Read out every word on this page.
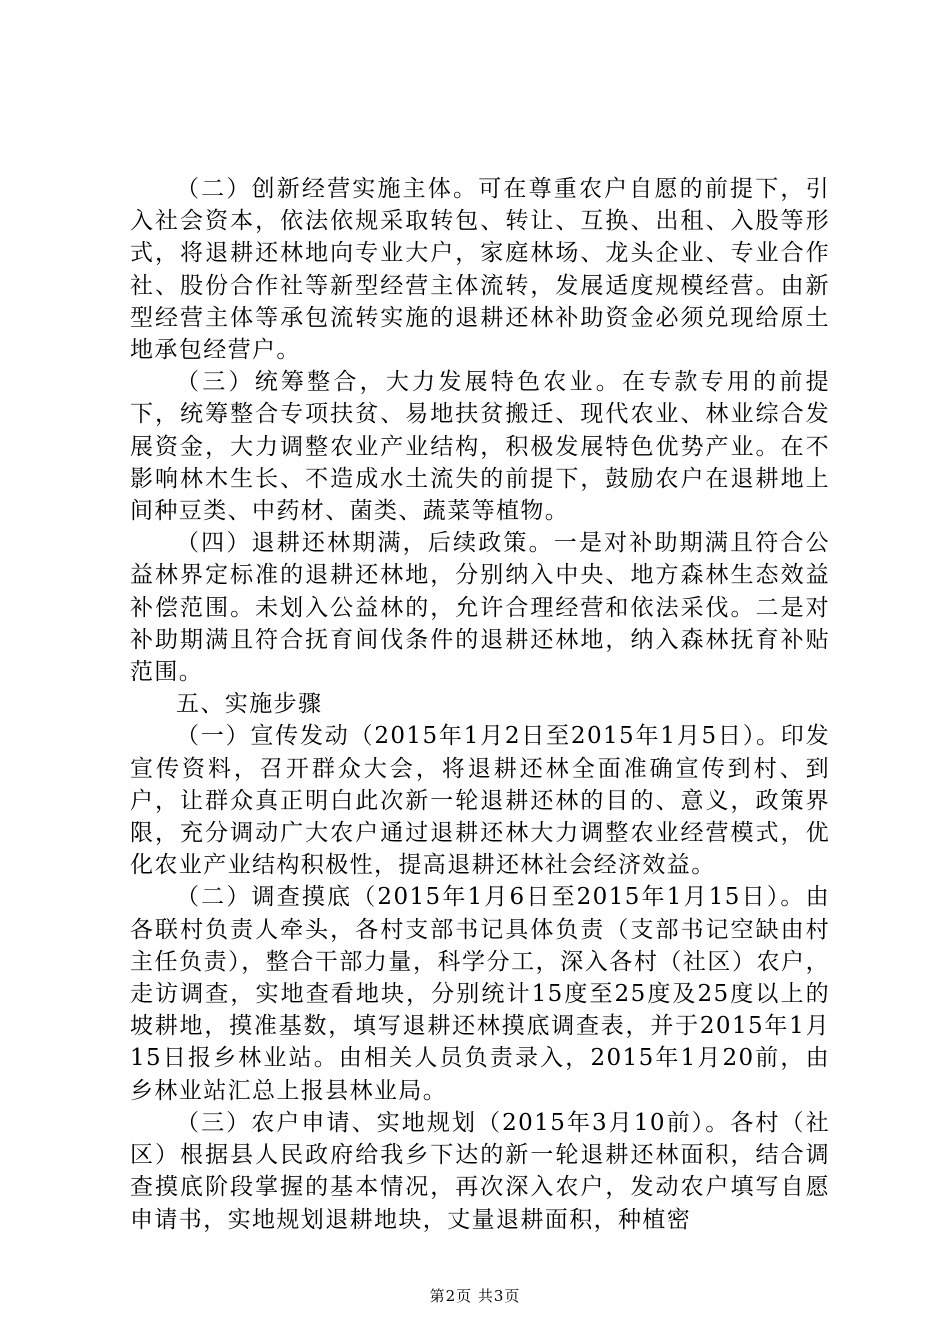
（二）创新经营实施主体。可在尊重农户自愿的前提下，引入社会资本，依法依规采取转包、转让、互换、出租、入股等形式，将退耕还林地向专业大户，家庭林场、龙头企业、专业合作社、股份合作社等新型经营主体流转，发展适度规模经营。由新型经营主体等承包流转实施的退耕还林补助资金必须兑现给原土地承包经营户。

（三）统筹整合，大力发展特色农业。在专款专用的前提下，统筹整合专项扶贫、易地扶贫搬迁、现代农业、林业综合发展资金，大力调整农业产业结构，积极发展特色优势产业。在不影响林木生长、不造成水土流失的前提下，鼓励农户在退耕地上间种豆类、中药材、菌类、蔬菜等植物。

（四）退耕还林期满，后续政策。一是对补助期满且符合公益林界定标准的退耕还林地，分别纳入中央、地方森林生态效益补偿范围。未划入公益林的，允许合理经营和依法采伐。二是对补助期满且符合抚育间伐条件的退耕还林地，纳入森林抚育补贴范围。

五、实施步骤

（一）宣传发动（2015年1月2日至2015年1月5日）。印发宣传资料，召开群众大会，将退耕还林全面准确宣传到村、到户，让群众真正明白此次新一轮退耕还林的目的、意义，政策界限，充分调动广大农户通过退耕还林大力调整农业经营模式，优化农业产业结构积极性，提高退耕还林社会经济效益。

（二）调查摸底（2015年1月6日至2015年1月15日）。由各联村负责人牵头，各村支部书记具体负责（支部书记空缺由村主任负责），整合干部力量，科学分工，深入各村（社区）农户，走访调查，实地查看地块，分别统计15度至25度及25度以上的坡耕地，摸准基数，填写退耕还林摸底调查表，并于2015年1月15日报乡林业站。由相关人员负责录入，2015年1月20前，由乡林业站汇总上报县林业局。

（三）农户申请、实地规划（2015年3月10前）。各村（社区）根据县人民政府给我乡下达的新一轮退耕还林面积，结合调查摸底阶段掌握的基本情况，再次深入农户，发动农户填写自愿申请书，实地规划退耕地块，丈量退耕面积，种植密

第2页 共3页
